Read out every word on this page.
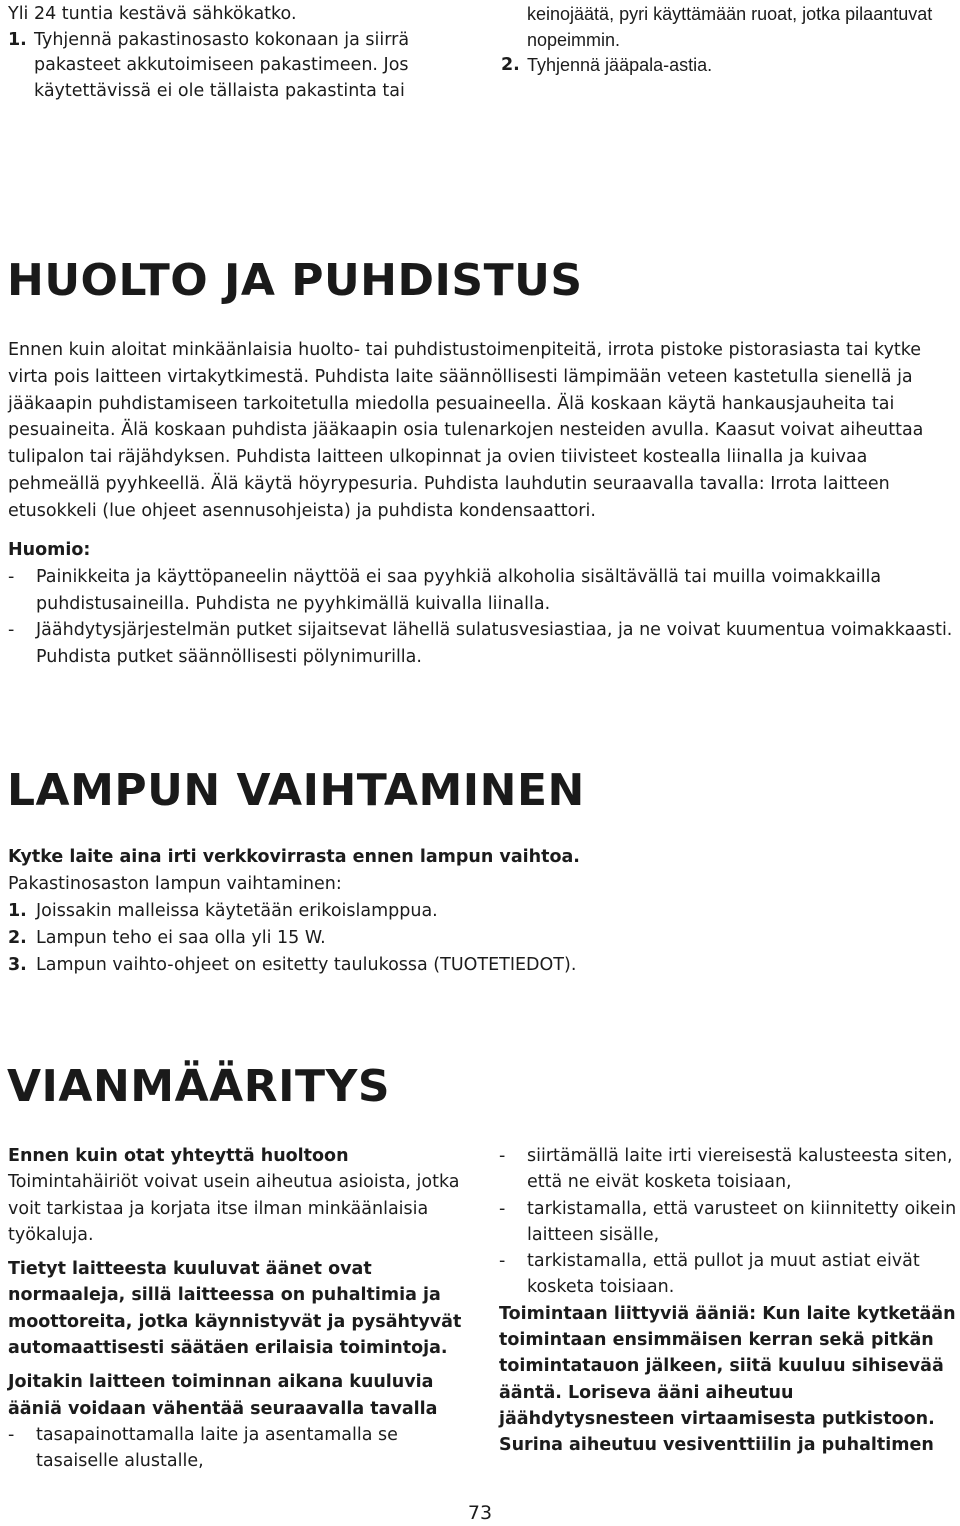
Yli 24 tuntia kestävä sähkökatko.
1. Tyhjennä pakastinosasto kokonaan ja siirrä pakasteet akkutoimiseen pakastimeen. Jos käytettävissä ei ole tällaista pakastinta tai
keinojäätä, pyri käyttämään ruoat, jotka pilaantuvat nopeimmin.
2. Tyhjennä jääpala-astia.
HUOLTO JA PUHDISTUS
Ennen kuin aloitat minkäänlaisia huolto- tai puhdistustoimenpiteitä, irrota pistoke pistorasiasta tai kytke virta pois laitteen virtakytkimestä. Puhdista laite säännöllisesti lämpimään veteen kastetulla sienellä ja jääkaapin puhdistamiseen tarkoitetulla miedolla pesuaineella. Älä koskaan käytä hankausjauheita tai pesuaineita. Älä koskaan puhdista jääkaapin osia tulenarkojen nesteiden avulla. Kaasut voivat aiheuttaa tulipalon tai räjähdyksen. Puhdista laitteen ulkopinnat ja ovien tiivisteet kostealla liinalla ja kuivaa pehmeällä pyyhkeellä. Älä käytä höyrypesuria. Puhdista lauhdutin seuraavalla tavalla: Irrota laitteen etusokkeli (lue ohjeet asennusohjeista) ja puhdista kondensaattori.
Huomio:
- Painikkeita ja käyttöpaneelin näyttöä ei saa pyyhkiä alkoholia sisältävällä tai muilla voimakkailla puhdistusaineilla. Puhdista ne pyyhkimällä kuivalla liinalla.
- Jäähdytysjärjestelmän putket sijaitsevat lähellä sulatusvesiastiaa, ja ne voivat kuumentua voimakkaasti. Puhdista putket säännöllisesti pölynimurilla.
LAMPUN VAIHTAMINEN
Kytke laite aina irti verkkovirrasta ennen lampun vaihtoa.
Pakastinosaston lampun vaihtaminen:
1. Joissakin malleissa käytetään erikoislamppua.
2. Lampun teho ei saa olla yli 15 W.
3. Lampun vaihto-ohjeet on esitetty taulukossa (TUOTETIEDOT).
VIANMÄÄRITYS
Ennen kuin otat yhteyttä huoltoon
Toimintahäiriöt voivat usein aiheutua asioista, jotka voit tarkistaa ja korjata itse ilman minkäänlaisia työkaluja.
Tietyt laitteesta kuuluvat äänet ovat normaaleja, sillä laitteessa on puhaltimia ja moottoreita, jotka käynnistyvät ja pysähtyvät automaattisesti säätäen erilaisia toimintoja.
Joitakin laitteen toiminnan aikana kuuluvia ääniä voidaan vähentää seuraavalla tavalla
- tasapainottamalla laite ja asentamalla se tasaiselle alustalle,
- siirtämällä laite irti viereisestä kalusteesta siten, että ne eivät kosketa toisiaan,
- tarkistamalla, että varusteet on kiinnitetty oikein laitteen sisälle,
- tarkistamalla, että pullot ja muut astiat eivät kosketa toisiaan.
Toimintaan liittyviä ääniä: Kun laite kytketään toimintaan ensimmäisen kerran sekä pitkän toimintatauon jälkeen, siitä kuuluu sihisevää ääntä. Loriseva ääni aiheutuu jäähdytysnesteen virtaamisesta putkistoon. Surina aiheutuu vesiventtiilin ja puhaltimen
73
